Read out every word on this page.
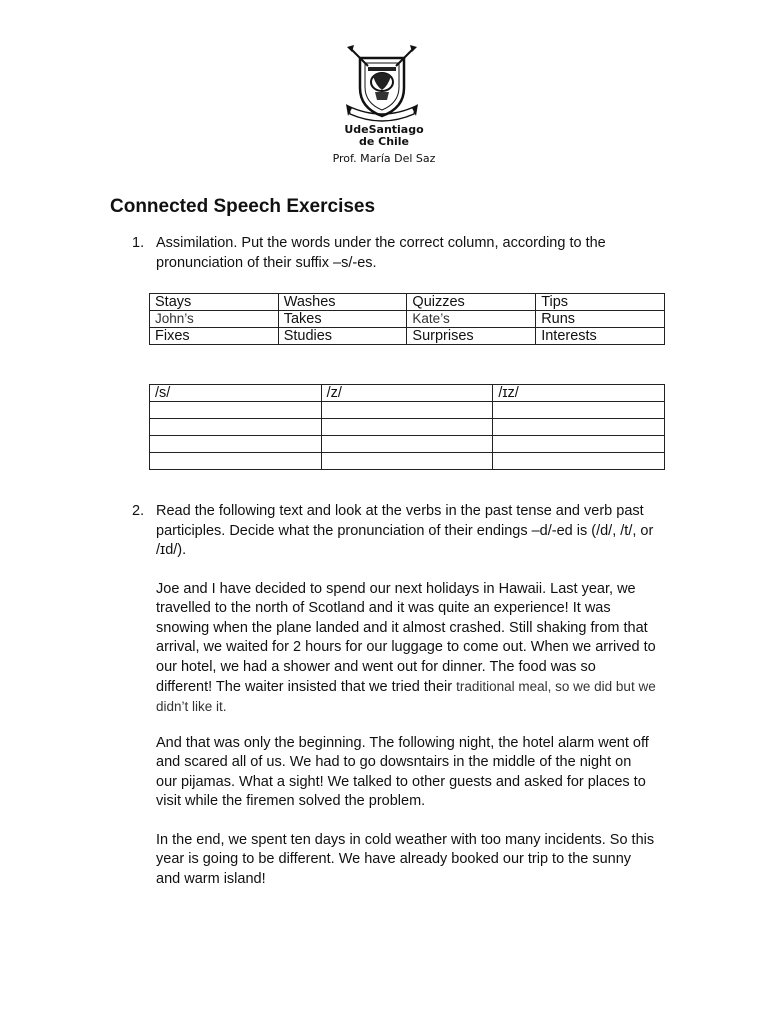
UdeSantiago
de Chile
Prof. María Del Saz
Connected Speech Exercises
1. Assimilation. Put the words under the correct column, according to the pronunciation of their suffix –s/-es.
Stays	Washes	Quizzes	Tips
John’s	Takes	Kate’s	Runs
Fixes	Studies	Surprises	Interests
/s/	/z/	/ɪz/

2. Read the following text and look at the verbs in the past tense and verb past participles. Decide what the pronunciation of their endings –d/-ed is (/d/, /t/, or /ɪd/).

Joe and I have decided to spend our next holidays in Hawaii. Last year, we travelled to the north of Scotland and it was quite an experience! It was snowing when the plane landed and it almost crashed. Still shaking from that arrival, we waited for 2 hours for our luggage to come out. When we arrived to our hotel, we had a shower and went out for dinner. The food was so different! The waiter insisted that we tried their traditional meal, so we did but we didn’t like it.

And that was only the beginning. The following night, the hotel alarm went off and scared all of us. We had to go dowsntairs in the middle of the night on our pijamas. What a sight! We talked to other guests and asked for places to visit while the firemen solved the problem.

In the end, we spent ten days in cold weather with too many incidents. So this year is going to be different. We have already booked our trip to the sunny and warm island!
